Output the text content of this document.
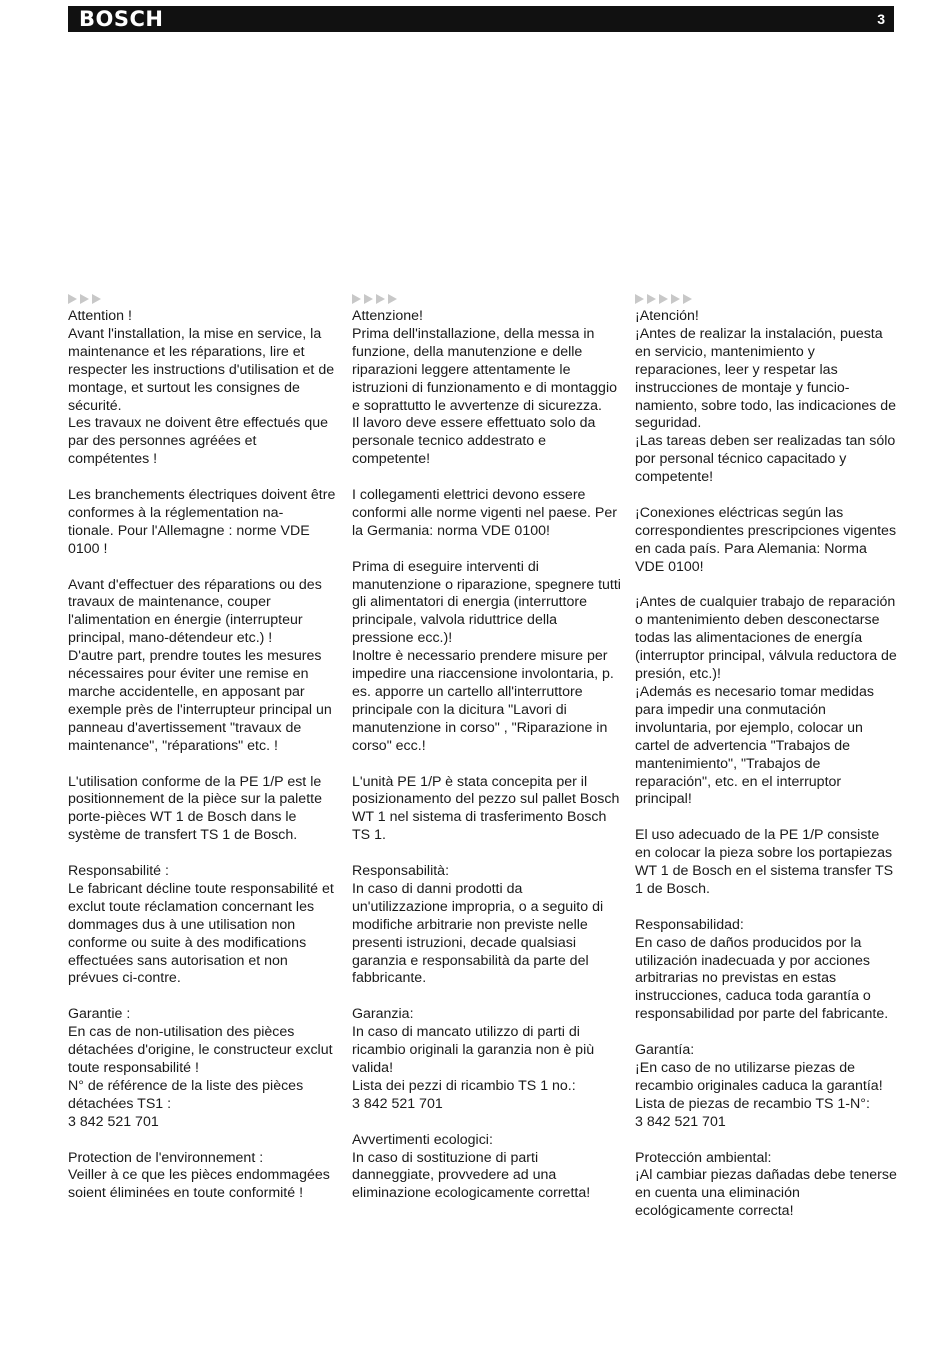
BOSCH	3

Attention !
Avant l'installation, la mise en service, la maintenance et les réparations, lire et respecter les instructions d'utilisation et de montage, et surtout les consignes de sécurité.
Les travaux ne doivent être effectués que par des personnes agréées et compétentes !

Les branchements électriques doivent être conformes à la réglementation na-
tionale. Pour l'Allemagne : norme VDE 0100 !

Avant d'effectuer des réparations ou des travaux de maintenance, couper l'alimentation en énergie (interrupteur principal, mano-détendeur etc.) !
D'autre part, prendre toutes les mesures nécessaires pour éviter une remise en marche accidentelle, en apposant par exemple près de l'interrupteur principal un panneau d'avertissement "travaux de maintenance", "réparations" etc. !

L'utilisation conforme de la PE 1/P est le positionnement de la pièce sur la palette porte-pièces WT 1 de Bosch dans le système de transfert TS 1 de Bosch.

Responsabilité :
Le fabricant décline toute responsabilité et exclut toute réclamation concernant les dommages dus à une utilisation non conforme ou suite à des modifications effectuées sans autorisation et non prévues ci-contre.

Garantie :
En cas de non-utilisation des pièces détachées d'origine, le constructeur exclut toute responsabilité !
N° de référence de la liste des pièces détachées TS1 :
3 842 521 701

Protection de l'environnement :
Veiller à ce que les pièces endommagées soient éliminées en toute conformité !

Attenzione!
Prima dell'installazione, della messa in funzione, della manutenzione e delle riparazioni leggere attentamente le istruzioni di funzionamento e di montaggio e soprattutto le avvertenze di sicurezza.
Il lavoro deve essere effettuato solo da personale tecnico addestrato e competente!

I collegamenti elettrici devono essere conformi alle norme vigenti nel paese. Per la Germania: norma VDE 0100!

Prima di eseguire interventi di manutenzione o riparazione, spegnere tutti gli alimentatori di energia (interruttore principale, valvola riduttrice della pressione ecc.)!
Inoltre è necessario prendere misure per impedire una riaccensione involontaria, p. es. apporre un cartello all'interruttore principale con la dicitura "Lavori di manutenzione in corso" , "Riparazione in corso" ecc.!

L'unità PE 1/P è stata concepita per il posizionamento del pezzo sul pallet Bosch WT 1 nel sistema di trasferimento Bosch TS 1.

Responsabilità:
In caso di danni prodotti da un'utilizzazione impropria, o a seguito di modifiche arbitrarie non previste nelle presenti istruzioni, decade qualsiasi garanzia e responsabilità da parte del fabbricante.

Garanzia:
In caso di mancato utilizzo di parti di ricambio originali la garanzia non è più valida!
Lista dei pezzi di ricambio TS 1 no.:
3 842 521 701

Avvertimenti ecologici:
In caso di sostituzione di parti danneggiate, provvedere ad una eliminazione ecologicamente corretta!

¡Atención!
¡Antes de realizar la instalación, puesta en servicio, mantenimiento y reparaciones, leer y respetar las instrucciones de montaje y funcio-
namiento, sobre todo, las indicaciones de seguridad.
¡Las tareas deben ser realizadas tan sólo por personal técnico capacitado y competente!

¡Conexiones eléctricas según las correspondientes prescripciones vigentes en cada país. Para Alemania: Norma VDE 0100!

¡Antes de cualquier trabajo de reparación o mantenimiento deben desconectarse todas las alimentaciones de energía (interruptor principal, válvula reductora de presión, etc.)!
¡Además es necesario tomar medidas para impedir una conmutación involuntaria, por ejemplo, colocar un cartel de advertencia "Trabajos de mantenimiento", "Trabajos de reparación", etc. en el interruptor principal!

El uso adecuado de la PE 1/P consiste en colocar la pieza sobre los portapiezas WT 1 de Bosch en el sistema transfer TS 1 de Bosch.

Responsabilidad:
En caso de daños producidos por la utilización inadecuada y por acciones arbitrarias no previstas en estas instrucciones, caduca toda garantía o responsabilidad por parte del fabricante.

Garantía:
¡En caso de no utilizarse piezas de recambio originales caduca la garantía!
Lista de piezas de recambio TS 1-N°:
3 842 521 701

Protección ambiental:
¡Al cambiar piezas dañadas debe tenerse en cuenta una eliminación ecológicamente correcta!
